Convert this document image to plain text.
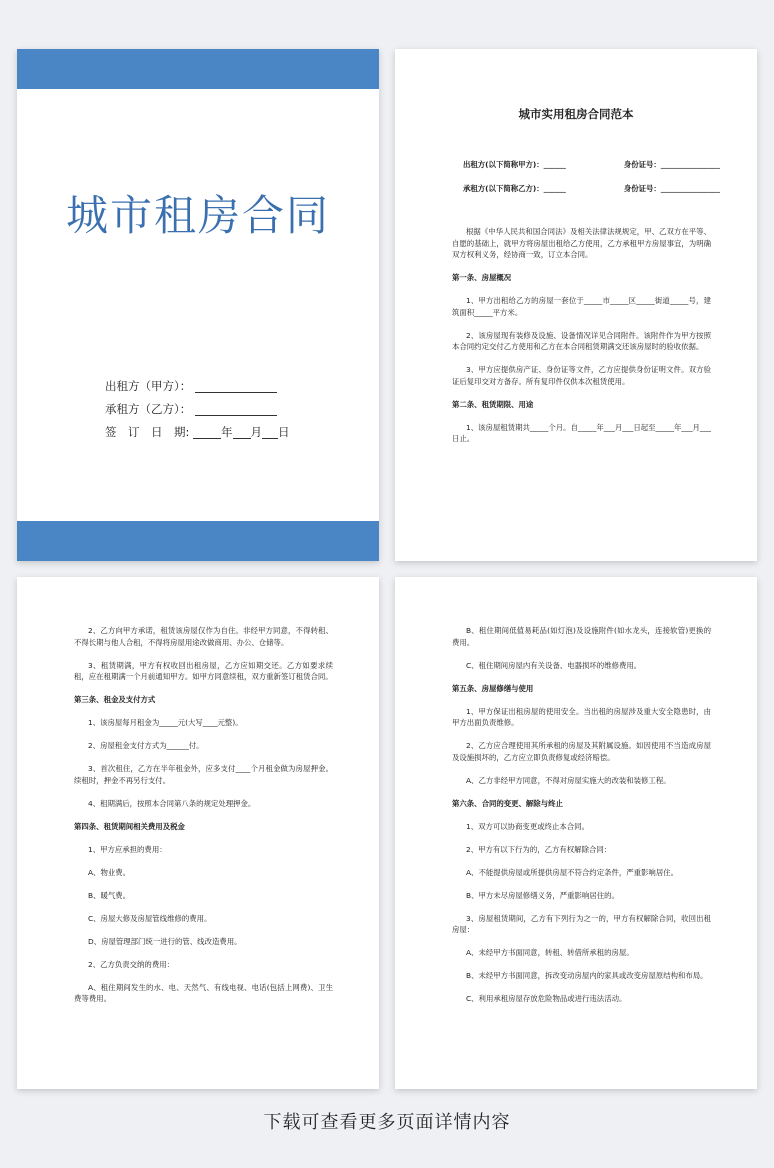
城市租房合同
出租方（甲方）：
承租方（乙方）：
签　订　日　期:	年 月 日
城市实用租房合同范本
出租方(以下简称甲方)：______	身份证号：________________
承租方(以下简称乙方)：______	身份证号：________________
根据《中华人民共和国合同法》及相关法律法规规定，甲、乙双方在平等、自愿的基础上，就甲方将房屋出租给乙方使用，乙方承租甲方房屋事宜，为明确双方权利义务，经协商一致，订立本合同。
第一条、房屋概况
1、甲方出租给乙方的房屋一套位于_____市_____区_____街道_____号，建筑面积_____平方米。
2、该房屋现有装修及设施、设备情况详见合同附件。该附件作为甲方按照本合同约定交付乙方使用和乙方在本合同租赁期满交还该房屋时的验收依据。
3、甲方应提供房产证、身份证等文件，乙方应提供身份证明文件。双方验证后复印交对方备存。所有复印件仅供本次租赁使用。
第二条、租赁期限、用途
1、该房屋租赁期共_____个月。自_____年___月___日起至_____年___月___日止。
2、乙方向甲方承诺，租赁该房屋仅作为自住。非经甲方同意，不得转租、不得长期与他人合租，不得将房屋用途改做商用、办公、仓储等。
3、租赁期满，甲方有权收回出租房屋，乙方应如期交还。乙方如要求续租，应在租期满一个月前通知甲方。如甲方同意续租，双方重新签订租赁合同。
第三条、租金及支付方式
1、该房屋每月租金为_____元(大写____元整)。
2、房屋租金支付方式为______付。
3、首次租住，乙方在半年租金外，应多支付____个月租金做为房屋押金。续租时，押金不再另行支付。
4、租期满后，按照本合同第八条的规定处理押金。
第四条、租赁期间相关费用及税金
1、甲方应承担的费用：
A、物业费。
B、暖气费。
C、房屋大修及房屋管线维修的费用。
D、房屋管理部门统一进行的管、线改造费用。
2、乙方负责交纳的费用：
A、租住期间发生的水、电、天然气、有线电视、电话(包括上网费)、卫生费等费用。
B、租住期间低值易耗品(如灯泡)及设施附件(如水龙头，连接软管)更换的费用。
C、租住期间房屋内有关设备、电器损坏的维修费用。
第五条、房屋修缮与使用
1、甲方保证出租房屋的使用安全。当出租的房屋涉及重大安全隐患时，由甲方出面负责维修。
2、乙方应合理使用其所承租的房屋及其附属设施。如因使用不当造成房屋及设施损坏的，乙方应立即负责修复或经济赔偿。
A、乙方非经甲方同意，不得对房屋实施大的改装和装修工程。
第六条、合同的变更、解除与终止
1、双方可以协商变更或终止本合同。
2、甲方有以下行为的，乙方有权解除合同：
A、不能提供房屋或所提供房屋不符合约定条件，严重影响居住。
B、甲方未尽房屋修缮义务，严重影响居住的。
3、房屋租赁期间，乙方有下列行为之一的，甲方有权解除合同，收回出租房屋：
A、未经甲方书面同意，转租、转借所承租的房屋。
B、未经甲方书面同意，拆改变动房屋内的家具或改变房屋原结构和布局。
C、利用承租房屋存放危险物品或进行违法活动。
下载可查看更多页面详情内容
